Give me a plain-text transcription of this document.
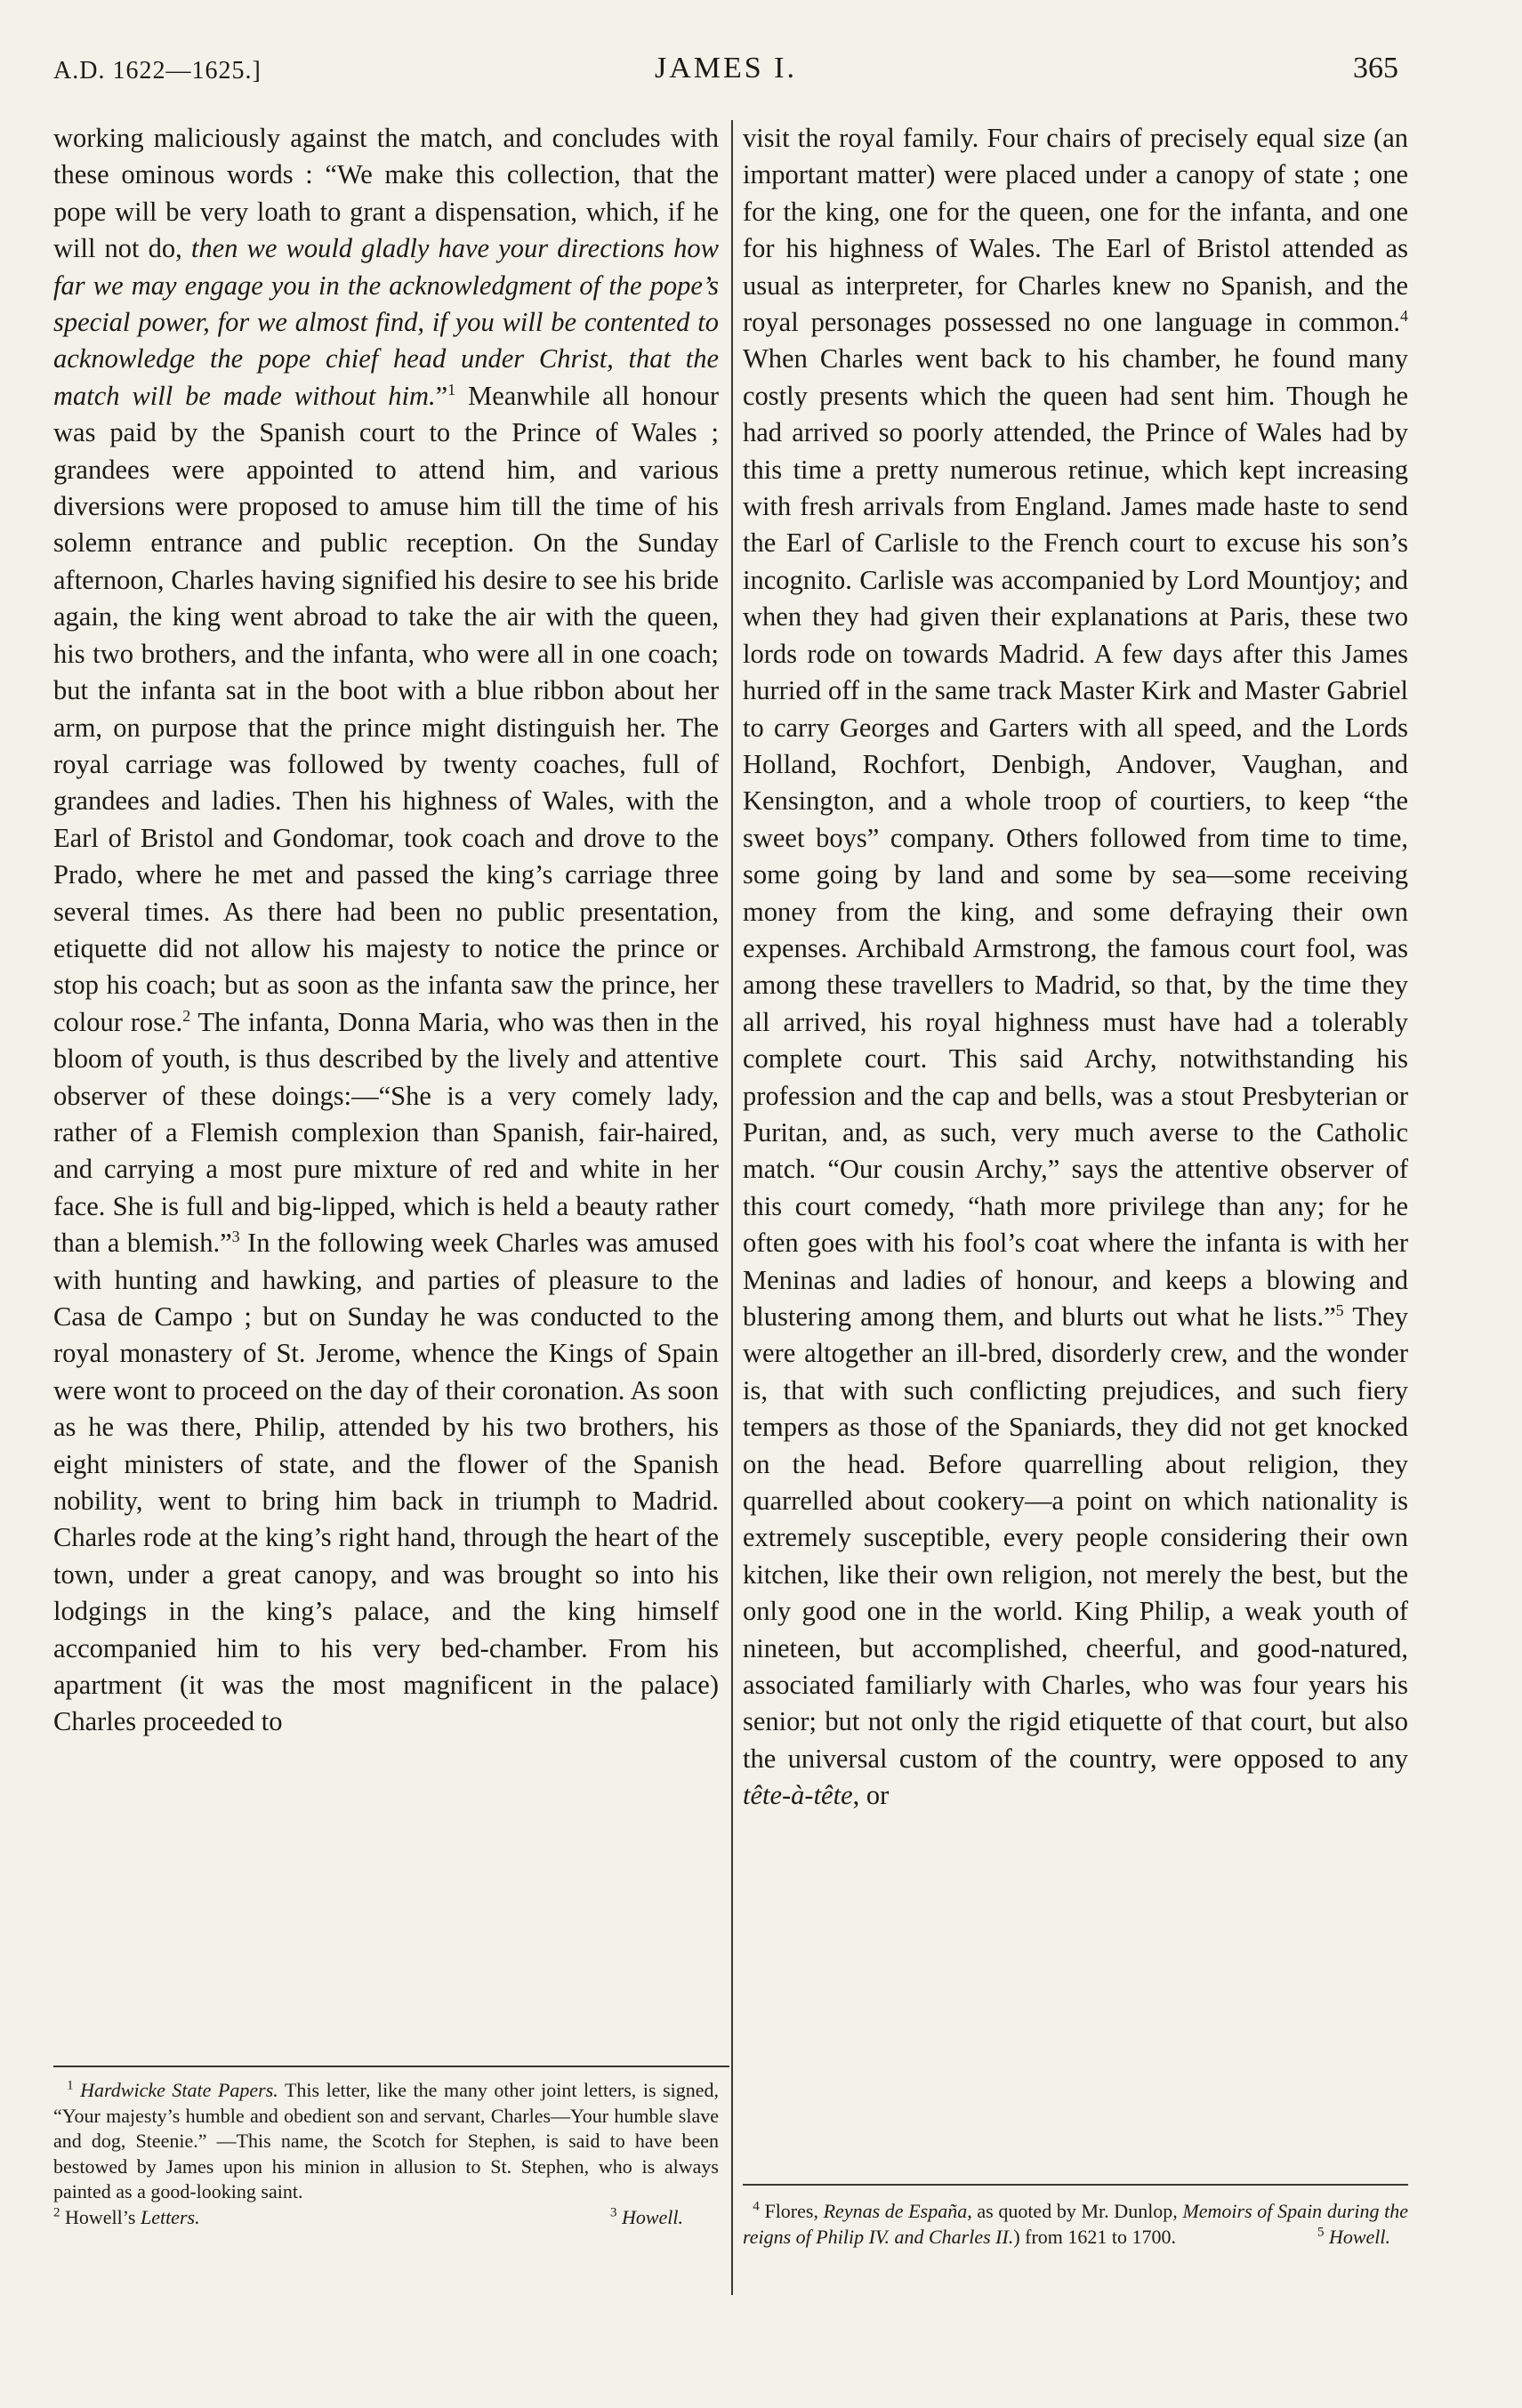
A.D. 1622—1625.]	JAMES I.	365

working maliciously against the match, and concludes with these ominous words : “We make this collection, that the pope will be very loath to grant a dispensation, which, if he will not do, then we would gladly have your directions how far we may engage you in the acknowledgment of the pope’s special power, for we almost find, if you will be contented to acknowledge the pope chief head under Christ, that the match will be made without him.”$^1$ Meanwhile all honour was paid by the Spanish court to the Prince of Wales ; grandees were appointed to attend him, and various diversions were proposed to amuse him till the time of his solemn entrance and public reception. On the Sunday afternoon, Charles having signified his desire to see his bride again, the king went abroad to take the air with the queen, his two brothers, and the infanta, who were all in one coach; but the infanta sat in the boot with a blue ribbon about her arm, on purpose that the prince might distinguish her. The royal carriage was followed by twenty coaches, full of grandees and ladies. Then his highness of Wales, with the Earl of Bristol and Gondomar, took coach and drove to the Prado, where he met and passed the king’s carriage three several times. As there had been no public presentation, etiquette did not allow his majesty to notice the prince or stop his coach; but as soon as the infanta saw the prince, her colour rose.$^2$ The infanta, Donna Maria, who was then in the bloom of youth, is thus described by the lively and attentive observer of these doings:—“She is a very comely lady, rather of a Flemish complexion than Spanish, fair-haired, and carrying a most pure mixture of red and white in her face. She is full and big-lipped, which is held a beauty rather than a blemish.”$^3$ In the following week Charles was amused with hunting and hawking, and parties of pleasure to the Casa de Campo ; but on Sunday he was conducted to the royal monastery of St. Jerome, whence the Kings of Spain were wont to proceed on the day of their coronation. As soon as he was there, Philip, attended by his two brothers, his eight ministers of state, and the flower of the Spanish nobility, went to bring him back in triumph to Madrid. Charles rode at the king’s right hand, through the heart of the town, under a great canopy, and was brought so into his lodgings in the king’s palace, and the king himself accompanied him to his very bed-chamber. From his apartment (it was the most magnificent in the palace) Charles proceeded to

visit the royal family. Four chairs of precisely equal size (an important matter) were placed under a canopy of state ; one for the king, one for the queen, one for the infanta, and one for his highness of Wales. The Earl of Bristol attended as usual as interpreter, for Charles knew no Spanish, and the royal personages possessed no one language in common.$^4$ When Charles went back to his chamber, he found many costly presents which the queen had sent him. Though he had arrived so poorly attended, the Prince of Wales had by this time a pretty numerous retinue, which kept increasing with fresh arrivals from England. James made haste to send the Earl of Carlisle to the French court to excuse his son’s incognito. Carlisle was accompanied by Lord Mountjoy; and when they had given their explanations at Paris, these two lords rode on towards Madrid. A few days after this James hurried off in the same track Master Kirk and Master Gabriel to carry Georges and Garters with all speed, and the Lords Holland, Rochfort, Denbigh, Andover, Vaughan, and Kensington, and a whole troop of courtiers, to keep “the sweet boys” company. Others followed from time to time, some going by land and some by sea—some receiving money from the king, and some defraying their own expenses. Archibald Armstrong, the famous court fool, was among these travellers to Madrid, so that, by the time they all arrived, his royal highness must have had a tolerably complete court. This said Archy, notwithstanding his profession and the cap and bells, was a stout Presbyterian or Puritan, and, as such, very much averse to the Catholic match. “Our cousin Archy,” says the attentive observer of this court comedy, “hath more privilege than any; for he often goes with his fool’s coat where the infanta is with her Meninas and ladies of honour, and keeps a blowing and blustering among them, and blurts out what he lists.”$^5$ They were altogether an ill-bred, disorderly crew, and the wonder is, that with such conflicting prejudices, and such fiery tempers as those of the Spaniards, they did not get knocked on the head. Before quarrelling about religion, they quarrelled about cookery—a point on which nationality is extremely susceptible, every people considering their own kitchen, like their own religion, not merely the best, but the only good one in the world. King Philip, a weak youth of nineteen, but accomplished, cheerful, and good-natured, associated familiarly with Charles, who was four years his senior; but not only the rigid etiquette of that court, but also the universal custom of the country, were opposed to any tête-à-tête, or

$^1$ Hardwicke State Papers. This letter, like the many other joint letters, is signed, “Your majesty’s humble and obedient son and servant, Charles—Your humble slave and dog, Steenie.” —This name, the Scotch for Stephen, is said to have been bestowed by James upon his minion in allusion to St. Stephen, who is always painted as a good-looking saint.

$^2$ Howell’s Letters.	$^3$ Howell.	$^4$ Flores, Reynas de España, as quoted by Mr. Dunlop, Memoirs of Spain during the reigns of Philip IV. and Charles II.) from 1621 to 1700.	$^5$ Howell.
